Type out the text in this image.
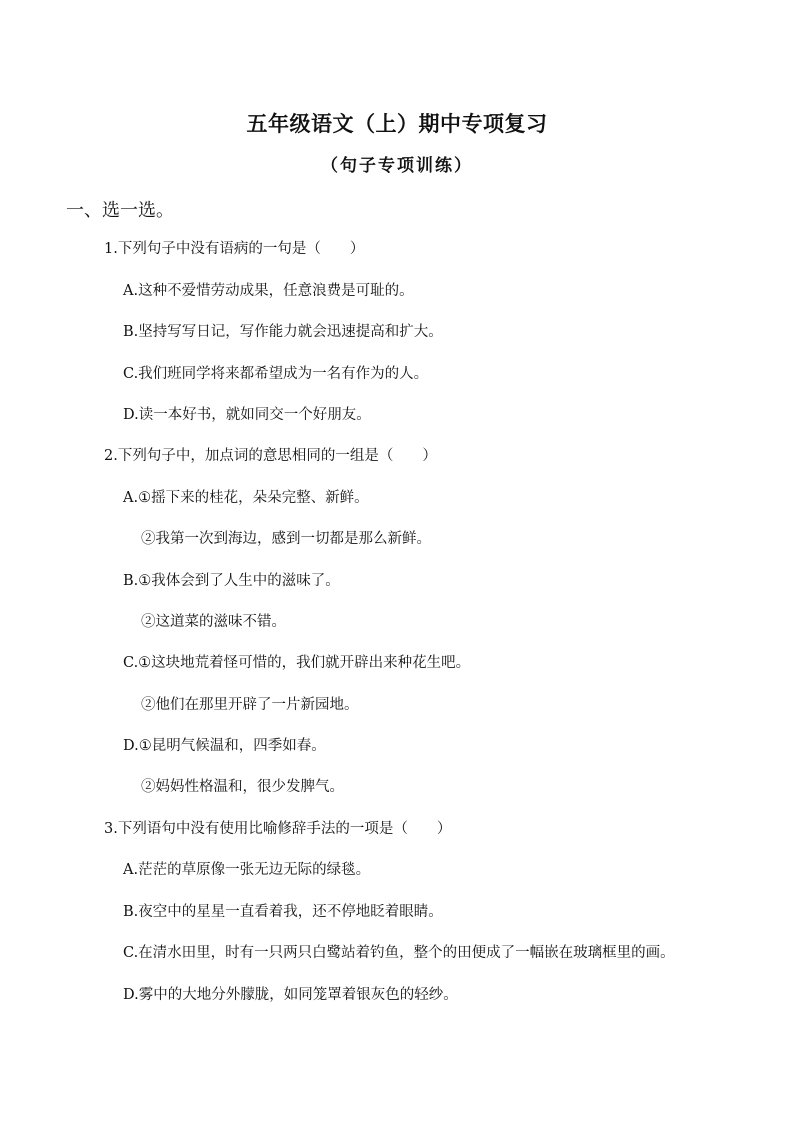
五年级语文（上）期中专项复习
（句子专项训练）
一、选一选。
1.下列句子中没有语病的一句是（　　）
A.这种不爱惜劳动成果，任意浪费是可耻的。
B.坚持写写日记，写作能力就会迅速提高和扩大。
C.我们班同学将来都希望成为一名有作为的人。
D.读一本好书，就如同交一个好朋友。
2.下列句子中，加点词的意思相同的一组是（　　）
A.①摇下来的桂花，朵朵完整、新鲜。
②我第一次到海边，感到一切都是那么新鲜。
B.①我体会到了人生中的滋味了。
②这道菜的滋味不错。
C.①这块地荒着怪可惜的，我们就开辟出来种花生吧。
②他们在那里开辟了一片新园地。
D.①昆明气候温和，四季如春。
②妈妈性格温和，很少发脾气。
3.下列语句中没有使用比喻修辞手法的一项是（　　）
A.茫茫的草原像一张无边无际的绿毯。
B.夜空中的星星一直看着我，还不停地眨着眼睛。
C.在清水田里，时有一只两只白鹭站着钓鱼，整个的田便成了一幅嵌在玻璃框里的画。
D.雾中的大地分外朦胧，如同笼罩着银灰色的轻纱。
